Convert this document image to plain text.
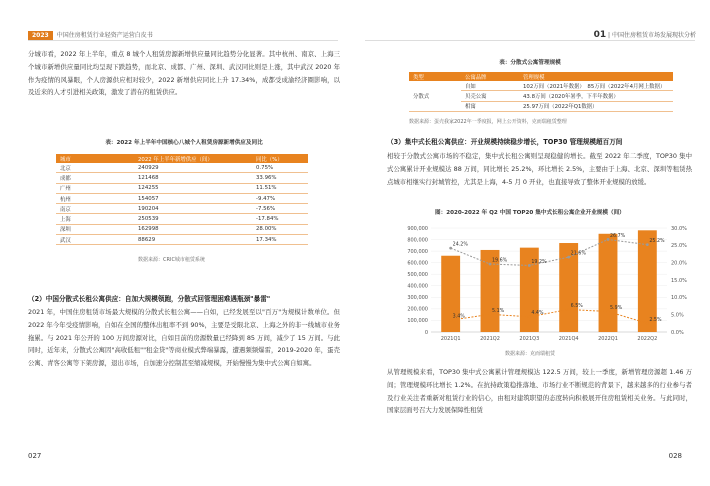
2023 中国住房租赁行业轻资产运营白皮书
分城市看，2022 年上半年，重点 8 城个人租赁房源新增供应量同比趋势分化显著。其中杭州、南京、上海三个城市新增供应量同比均呈现下跌趋势，而北京、成都、广州、深圳、武汉同比则是上涨，其中武汉 2020 年作为疫情的风暴眼，个人房源供应相对较少，2022 新增供应同比上升 17.34%，成都受成渝经济圈影响，以及近来的人才引进相关政策，激发了潜在的租赁供应。
表：2022 年上半年中国核心八城个人租赁房源新增供应及同比
城市	2022 年上半年新增供应（间）	同比（%）
北京	240929	0.75%
成都	121468	33.96%
广州	124255	11.51%
杭州	154057	-9.47%
南京	190204	-7.56%
上海	250539	-17.84%
深圳	162998	28.00%
武汉	88629	17.34%
数据来源：CRIC城市租赁系统
（2）中国分散式长租公寓供应：自加大规模领跑，分散式回管理困难遇瓶颈"暴雷"
2021 年，中国住房租赁市场最大规模的分散式长租公寓——自如，已经发展至以"百万"为规模计数单位。但 2022 年今年受疫情影响，自如在全国的整体出租率不到 90%，主要是受限北京、上海之外的非一线城市业务拖累。与 2021 年公开的 100 万间房源对比，自如目前的房源数量已经降到 85 万间，减少了 15 万间。与此同时，近年来，分散式公寓因"高收低租""租金贷"等商业模式弊端暴露，遭遇频频爆雷，2019-2020 年，蛋壳公寓、青客公寓等下架房源，退出市场，自加速分控制甚至缩减规模，开始慢慢为集中式公寓自如寓。
027
01 | 中国住房租赁市场发展现状分析
表：分散式公寓管理规模
类型	公寓品牌	管理规模
分散式	自如	102万间（2021年数据）　85万间（2022年4月网上数据）
	贝壳公寓	43.8万间（2020年暑季，下半年数据）
	相寓	25.97万间（2022年Q1数据）
数据来源：蛋壳我家2022年一季度报，网上公开资料，克而瑞租赁整理
（3）集中式长租公寓供应：开业规模持续稳步增长，TOP30 管理规模超百万间
相较于分散式公寓市场的不稳定，集中式长租公寓则呈现稳健的增长。截至 2022 年二季度，TOP30 集中式公寓累计开业规模达 88 万间，同比增长 25.2%，环比增长 2.5%，主要由于上海、北京、深圳等租赁热点城市相继实行封城管控，尤其是上海，4-5 月 0 开业，也直接导致了整体开业规模的放缓。
图：2020-2022 年 Q2 中国 TOP20 集中式长租公寓企业开业规模（间）
0
100,000
200,000
300,000
400,000
500,000
600,000
700,000
800,000
900,000
0.0%
5.0%
10.0%
15.0%
20.0%
25.0%
30.0%
2021Q1	2021Q2	2021Q3	2021Q4	2022Q1	2022Q2
24.2%
19.6%	19.2%
21.6%
26.7%
25.2%
3.4%
5.1%	4.4%
6.5%	5.9%
2.5%
数据来源：克而瑞租赁
从管理规模来看，TOP30 集中式公寓累计管理规模达 122.5 万间，较上一季度，新增管理房源超 1.46 万间；管理规模环比增长 1.2%。在抗持政策稳推落地、市场行业不断规范的背景下，越来越多的行业参与者及行业关注者重新对租赁行业的信心，由租对建筑职望的态度转向积极展开住房租赁相关业务。与此同时，国家层面号召大力发展保障性租赁
028
